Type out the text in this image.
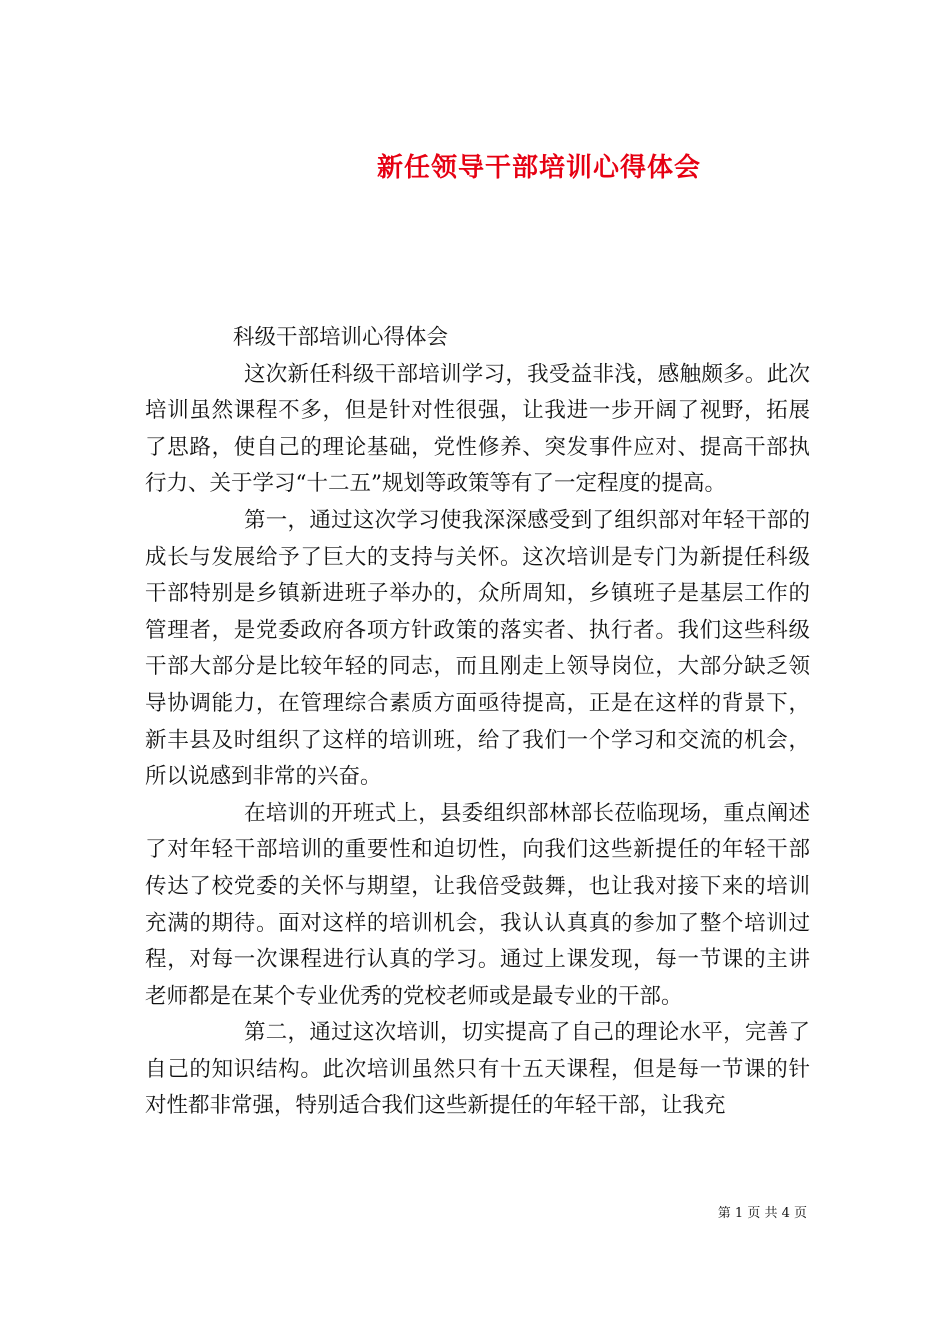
新任领导干部培训心得体会

科级干部培训心得体会

这次新任科级干部培训学习，我受益非浅，感触颇多。此次培训虽然课程不多，但是针对性很强，让我进一步开阔了视野，拓展了思路，使自己的理论基础，党性修养、突发事件应对、提高干部执行力、关于学习“十二五”规划等政策等有了一定程度的提高。

第一，通过这次学习使我深深感受到了组织部对年轻干部的成长与发展给予了巨大的支持与关怀。这次培训是专门为新提任科级干部特别是乡镇新进班子举办的，众所周知，乡镇班子是基层工作的管理者，是党委政府各项方针政策的落实者、执行者。我们这些科级干部大部分是比较年轻的同志，而且刚走上领导岗位，大部分缺乏领导协调能力，在管理综合素质方面亟待提高，正是在这样的背景下，新丰县及时组织了这样的培训班，给了我们一个学习和交流的机会，所以说感到非常的兴奋。

在培训的开班式上，县委组织部林部长莅临现场，重点阐述了对年轻干部培训的重要性和迫切性，向我们这些新提任的年轻干部传达了校党委的关怀与期望，让我倍受鼓舞，也让我对接下来的培训充满的期待。面对这样的培训机会，我认认真真的参加了整个培训过程，对每一次课程进行认真的学习。通过上课发现，每一节课的主讲老师都是在某个专业优秀的党校老师或是最专业的干部。

第二，通过这次培训，切实提高了自己的理论水平，完善了自己的知识结构。此次培训虽然只有十五天课程，但是每一节课的针对性都非常强，特别适合我们这些新提任的年轻干部，让我充

第 1 页 共 4 页
